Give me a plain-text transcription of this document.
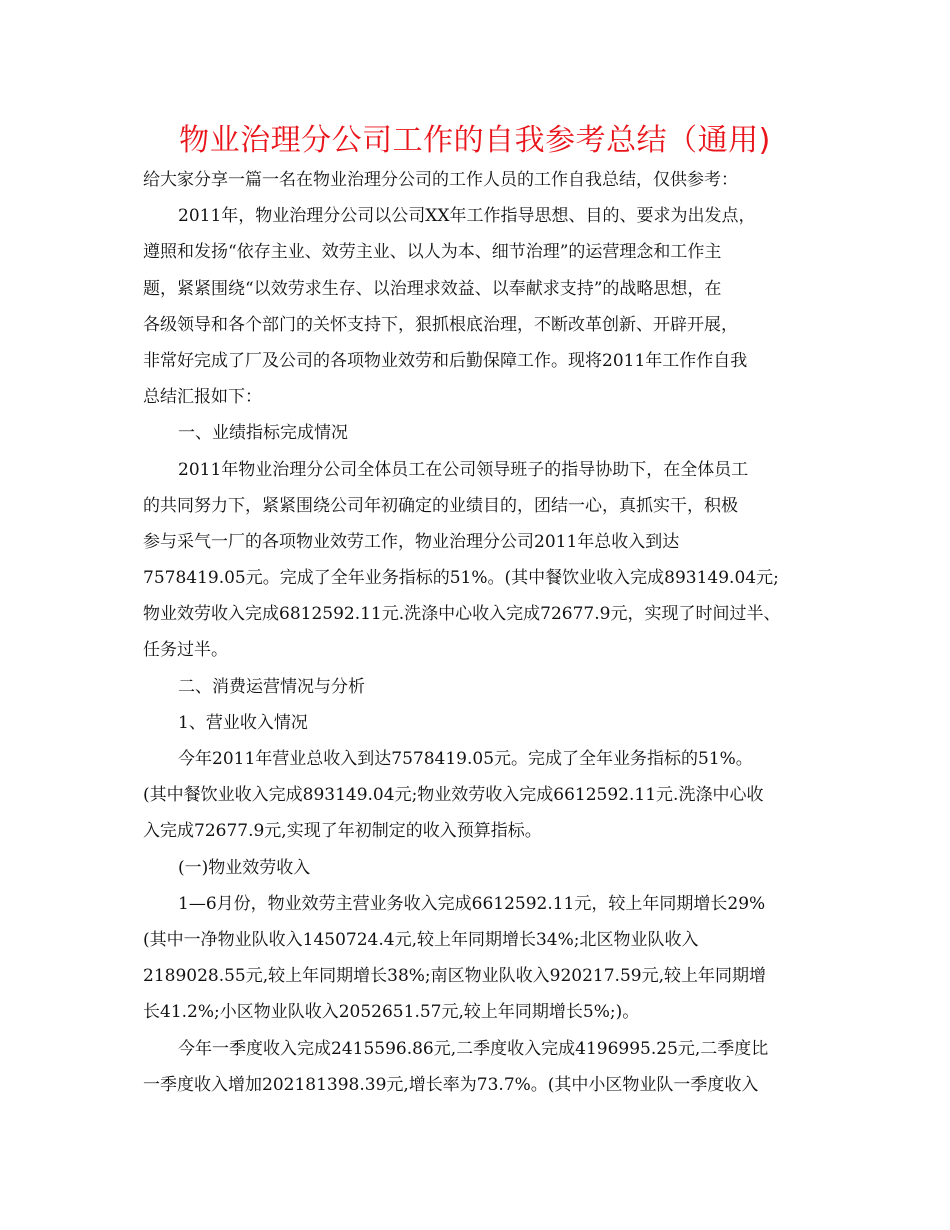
物业治理分公司工作的自我参考总结（通用)
给大家分享一篇一名在物业治理分公司的工作人员的工作自我总结，仅供参考：
2011年，物业治理分公司以公司XX年工作指导思想、目的、要求为出发点，
遵照和发扬“依存主业、效劳主业、以人为本、细节治理”的运营理念和工作主
题，紧紧围绕“以效劳求生存、以治理求效益、以奉献求支持”的战略思想，在
各级领导和各个部门的关怀支持下，狠抓根底治理，不断改革创新、开辟开展，
非常好完成了厂及公司的各项物业效劳和后勤保障工作。现将2011年工作作自我
总结汇报如下：
一、业绩指标完成情况
2011年物业治理分公司全体员工在公司领导班子的指导协助下，在全体员工
的共同努力下，紧紧围绕公司年初确定的业绩目的，团结一心，真抓实干，积极
参与采气一厂的各项物业效劳工作，物业治理分公司2011年总收入到达
7578419.05元。完成了全年业务指标的51%。(其中餐饮业收入完成893149.04元;
物业效劳收入完成6812592.11元.洗涤中心收入完成72677.9元，实现了时间过半、
任务过半。
二、消费运营情况与分析
1、营业收入情况
今年2011年营业总收入到达7578419.05元。完成了全年业务指标的51%。
(其中餐饮业收入完成893149.04元;物业效劳收入完成6612592.11元.洗涤中心收
入完成72677.9元,实现了年初制定的收入预算指标。
(一)物业效劳收入
1—6月份，物业效劳主营业务收入完成6612592.11元，较上年同期增长29%
(其中一净物业队收入1450724.4元,较上年同期增长34%;北区物业队收入
2189028.55元,较上年同期增长38%;南区物业队收入920217.59元,较上年同期增
长41.2%;小区物业队收入2052651.57元,较上年同期增长5%;)。
今年一季度收入完成2415596.86元,二季度收入完成4196995.25元,二季度比
一季度收入增加202181398.39元,增长率为73.7%。(其中小区物业队一季度收入
